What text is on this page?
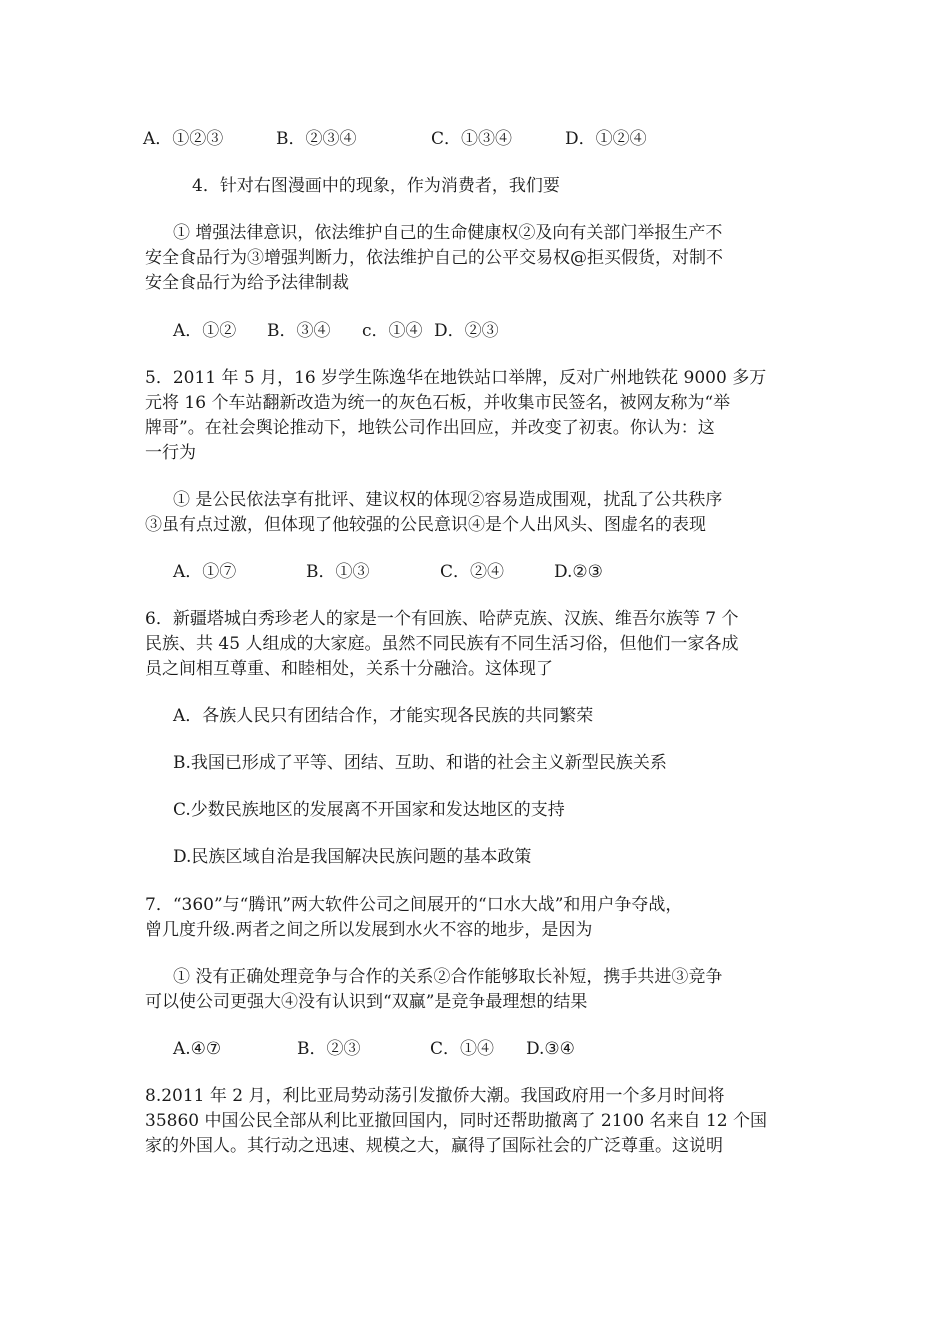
A．①②③	B．②③④	C．①③④	D．①②④
4．针对右图漫画中的现象，作为消费者，我们要
① 增强法律意识，依法维护自己的生命健康权②及向有关部门举报生产不
安全食品行为③增强判断力，依法维护自己的公平交易权@拒买假货，对制不
安全食品行为给予法律制裁
A．①② B．③④ c．①④ D．②③
5．2011 年 5 月，16 岁学生陈逸华在地铁站口举牌，反对广州地铁花 9000 多万
元将 16 个车站翻新改造为统一的灰色石板，并收集市民签名，被网友称为“举
牌哥”。在社会舆论推动下，地铁公司作出回应，并改变了初衷。你认为：这
一行为
① 是公民依法享有批评、建议权的体现②容易造成围观，扰乱了公共秩序
③虽有点过激，但体现了他较强的公民意识④是个人出风头、图虚名的表现
A．①⑦	B．①③	C．②④	D.②③
6．新疆塔城白秀珍老人的家是一个有回族、哈萨克族、汉族、维吾尔族等 7 个
民族、共 45 人组成的大家庭。虽然不同民族有不同生活习俗，但他们一家各成
员之间相互尊重、和睦相处，关系十分融洽。这体现了
A．各族人民只有团结合作，才能实现各民族的共同繁荣
B.我国已形成了平等、团结、互助、和谐的社会主义新型民族关系
C.少数民族地区的发展离不开国家和发达地区的支持
D.民族区域自治是我国解决民族问题的基本政策
7．“360”与“腾讯”两大软件公司之间展开的“口水大战”和用户争夺战，
曾几度升级.两者之间之所以发展到水火不容的地步，是因为
① 没有正确处理竞争与合作的关系②合作能够取长补短，携手共进③竞争
可以使公司更强大④没有认识到“双赢”是竞争最理想的结果
A.④⑦	B．②③	C．①④ D.③④
8.2011 年 2 月，利比亚局势动荡引发撤侨大潮。我国政府用一个多月时间将
35860 中国公民全部从利比亚撤回国内，同时还帮助撤离了 2100 名来自 12 个国
家的外国人。其行动之迅速、规模之大，赢得了国际社会的广泛尊重。这说明
